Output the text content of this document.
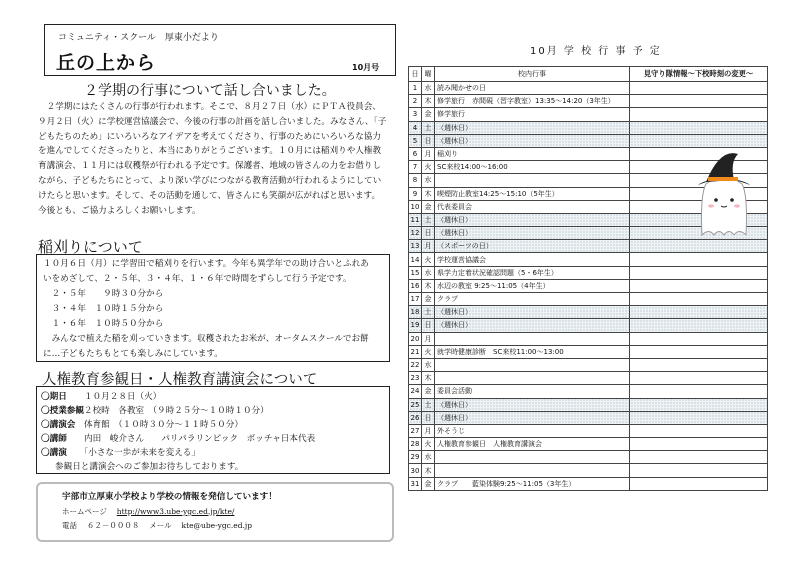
コミュニティ・スクール　厚東小だより
丘の上から	10月号
２学期の行事について話し合いました。
２学期にはたくさんの行事が行われます。そこで、８月２７日（水）にＰＴＡ役員会、９月２日（火）に学校運営協議会で、今後の行事の計画を話し合いました。みなさん、「子どもたちのため」にいろいろなアイデアを考えてくださり、行事のためにいろいろな協力を進んでしてくださったりと、本当にありがとうございます。１０月には稲刈りや人権教育講演会、１１月には収穫祭が行われる予定です。保護者、地域の皆さんの力をお借りしながら、子どもたちにとって、より深い学びにつながる教育活動が行われるようにしていけたらと思います。そして、その活動を通して、皆さんにも笑顔が広がればと思います。今後とも、ご協力よろしくお願いします。
稲刈りについて
１０月６日（月）に学習田で稲刈りを行います。今年も異学年での助け合いとふれあ
いをめざして、２・５年、３・４年、１・６年で時間をずらして行う予定です。
　２・５年　　９時３０分から
　３・４年　１０時１５分から
　１・６年　１０時５０分から
　みんなで植えた稲を刈っていきます。収穫されたお米が、オータムスクールでお餅
に…子どもたちもとても楽しみにしています。
人権教育参観日・人権教育講演会について
〇期日　　１０月２８日（火）
〇授業参観２校時　各教室　（９時２５分～１０時１０分）
〇講演会　体育館　（１０時３０分～１１時５０分）
〇講師　　内田　峻介さん　　パリパラリンピック　ボッチャ日本代表
〇講演　　「小さな一歩が未来を変える」
参観日と講演会へのご参加お待ちしております。
宇部市立厚東小学校より学校の情報を発信しています！
ホームページ　 http://www3.ube-ygc.ed.jp/kte/
電話　 ６２－０００８　 メール　 kte@ube-ygc.ed.jp
10月 学 校 行 事 予 定
日	曜	校内行事	見守り隊情報～下校時刻の変更～
1	水	読み聞かせの日	
2	木	修学旅行　赤間硯（習字教室）13:35～14:20（3年生）	
3	金	修学旅行	
4	土	（週休日）	
5	日	（週休日）	
6	月	稲刈り	
7	火	SC来校14:00～16:00	
8	水		
9	木	喫煙防止教室14:25～15:10（5年生）	
10	金	代表委員会	
11	土	（週休日）	
12	日	（週休日）	
13	月	（スポーツの日）	
14	火	学校運営協議会	
15	水	県学力定着状況確認問題（5・6年生）	
16	木	水辺の教室 9:25～11:05（4年生）	
17	金	クラブ	
18	土	（週休日）	
19	日	（週休日）	
20	月		
21	火	就学時健康診断　SC来校11:00～13:00	
22	水		
23	木		
24	金	委員会活動	
25	土	（週休日）	
26	日	（週休日）	
27	月	外そうじ	
28	火	人権教育参観日　人権教育講演会	
29	水		
30	木		
31	金	クラブ　　藍染体験9:25～11:05（3年生）	
